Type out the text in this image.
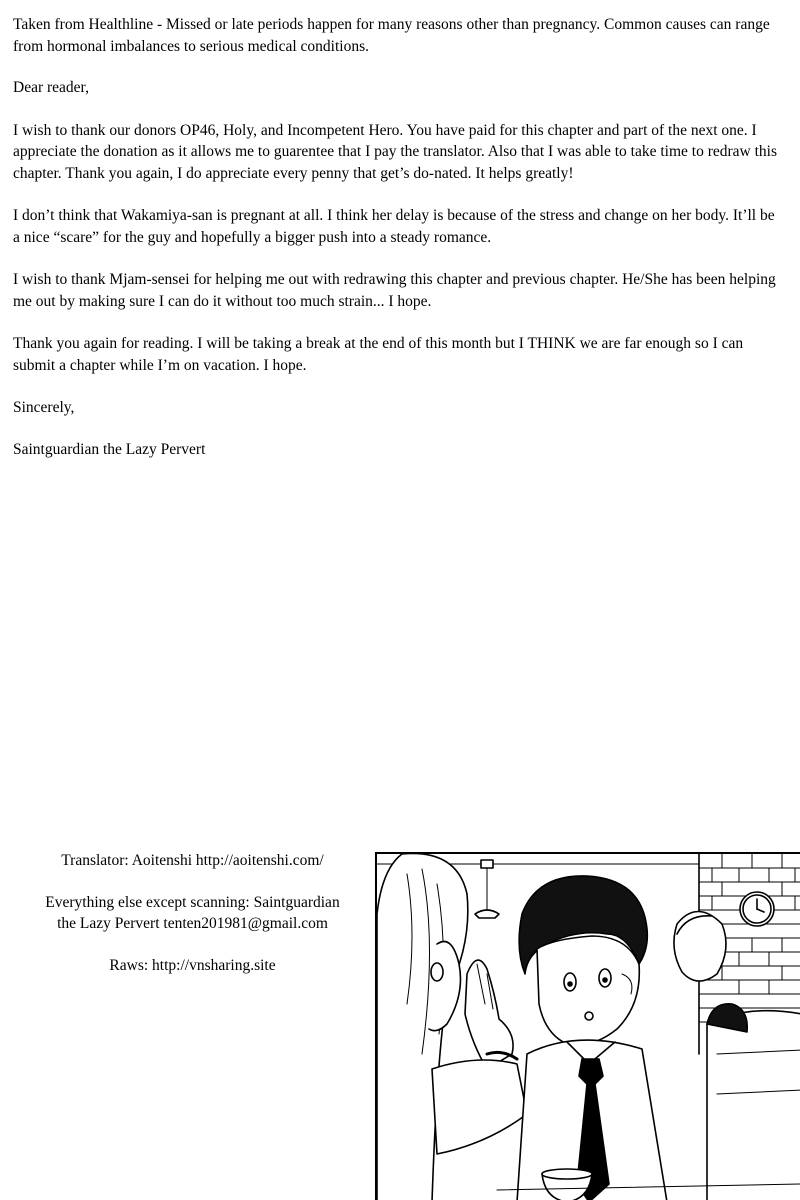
Taken from Healthline - Missed or late periods happen for many reasons other than pregnancy. Common causes can range from hormonal imbalances to serious medical conditions.

Dear reader,

I wish to thank our donors OP46, Holy, and Incompetent Hero. You have paid for this chapter and part of the next one. I appreciate the donation as it allows me to guarentee that I pay the translator. Also that I was able to take time to redraw this chapter. Thank you again, I do appreciate every penny that get’s do-nated. It helps greatly!

I don’t think that Wakamiya-san is pregnant at all. I think her delay is because of the stress and change on her body. It’ll be a nice “scare” for the guy and hopefully a bigger push into a steady romance.

I wish to thank Mjam-sensei for helping me out with redrawing this chapter and previous chapter. He/She has been helping me out by making sure I can do it without too much strain... I hope.

Thank you again for reading. I will be taking a break at the end of this month but I THINK we are far enough so I can submit a chapter while I’m on vacation. I hope.

Sincerely,

Saintguardian the Lazy Pervert

Translator: Aoitenshi http://aoitenshi.com/

Everything else except scanning: Saintguardian
the Lazy Pervert tenten201981@gmail.com

Raws: http://vnsharing.site
